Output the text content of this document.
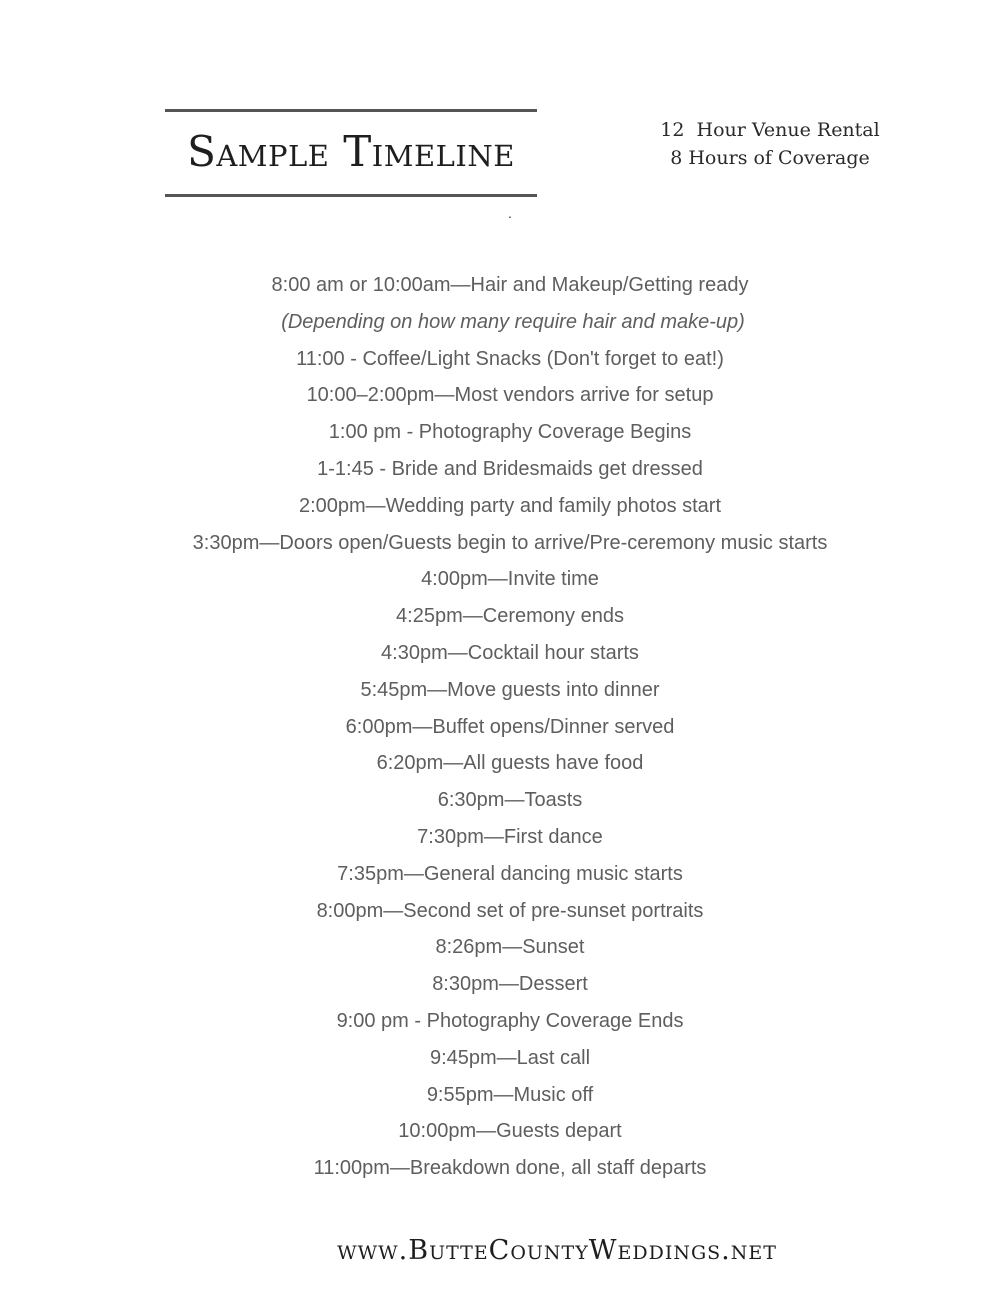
Sample Timeline	12  Hour Venue Rental
8 Hours of Coverage
.
8:00 am or 10:00am—Hair and Makeup/Getting ready
(Depending on how many require hair and make-up)
11:00 - Coffee/Light Snacks (Don't forget to eat!)
10:00–2:00pm—Most vendors arrive for setup
1:00 pm - Photography Coverage Begins
1-1:45 - Bride and Bridesmaids get dressed
2:00pm—Wedding party and family photos start
3:30pm—Doors open/Guests begin to arrive/Pre-ceremony music starts
4:00pm—Invite time
4:25pm—Ceremony ends
4:30pm—Cocktail hour starts
5:45pm—Move guests into dinner
6:00pm—Buffet opens/Dinner served
6:20pm—All guests have food
6:30pm—Toasts
7:30pm—First dance
7:35pm—General dancing music starts
8:00pm—Second set of pre-sunset portraits
8:26pm—Sunset
8:30pm—Dessert
9:00 pm - Photography Coverage Ends
9:45pm—Last call
9:55pm—Music off
10:00pm—Guests depart
11:00pm—Breakdown done, all staff departs
www.ButteCountyWeddings.net
